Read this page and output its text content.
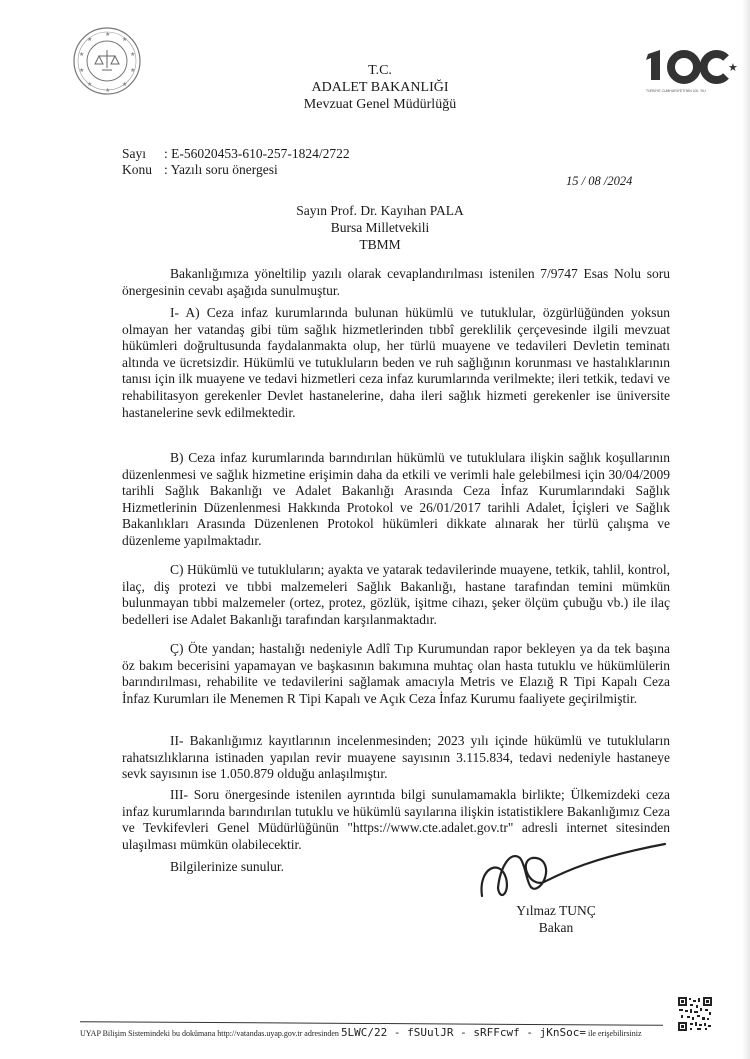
★
★
★
★
★
★
★
★
★
★
★
TÜRKİYE CUMHURİYETİ'NİN 100. YILI
T.C.
ADALET BAKANLIĞI
Mevzuat Genel Müdürlüğü
Sayı : E-56020453-610-257-1824/2722
Konu : Yazılı soru önergesi
15 / 08 /2024
Sayın Prof. Dr. Kayıhan PALA
Bursa Milletvekili
TBMM

Bakanlığımıza yöneltilip yazılı olarak cevaplandırılması istenilen 7/9747 Esas Nolu soru önergesinin cevabı aşağıda sunulmuştur.

I- A) Ceza infaz kurumlarında bulunan hükümlü ve tutuklular, özgürlüğünden yoksun olmayan her vatandaş gibi tüm sağlık hizmetlerinden tıbbî gereklilik çerçevesinde ilgili mevzuat hükümleri doğrultusunda faydalanmakta olup, her türlü muayene ve tedavileri Devletin teminatı altında ve ücretsizdir. Hükümlü ve tutukluların beden ve ruh sağlığının korunması ve hastalıklarının tanısı için ilk muayene ve tedavi hizmetleri ceza infaz kurumlarında verilmekte; ileri tetkik, tedavi ve rehabilitasyon gerekenler Devlet hastanelerine, daha ileri sağlık hizmeti gerekenler ise üniversite hastanelerine sevk edilmektedir.

B) Ceza infaz kurumlarında barındırılan hükümlü ve tutuklulara ilişkin sağlık koşullarının düzenlenmesi ve sağlık hizmetine erişimin daha da etkili ve verimli hale gelebilmesi için 30/04/2009 tarihli Sağlık Bakanlığı ve Adalet Bakanlığı Arasında Ceza İnfaz Kurumlarındaki Sağlık Hizmetlerinin Düzenlenmesi Hakkında Protokol ve 26/01/2017 tarihli Adalet, İçişleri ve Sağlık Bakanlıkları Arasında Düzenlenen Protokol hükümleri dikkate alınarak her türlü çalışma ve düzenleme yapılmaktadır.

C) Hükümlü ve tutukluların; ayakta ve yatarak tedavilerinde muayene, tetkik, tahlil, kontrol, ilaç, diş protezi ve tıbbi malzemeleri Sağlık Bakanlığı, hastane tarafından temini mümkün bulunmayan tıbbi malzemeler (ortez, protez, gözlük, işitme cihazı, şeker ölçüm çubuğu vb.) ile ilaç bedelleri ise Adalet Bakanlığı tarafından karşılanmaktadır.

Ç) Öte yandan; hastalığı nedeniyle Adlî Tıp Kurumundan rapor bekleyen ya da tek başına öz bakım becerisini yapamayan ve başkasının bakımına muhtaç olan hasta tutuklu ve hükümlülerin barındırılması, rehabilite ve tedavilerini sağlamak amacıyla Metris ve Elazığ R Tipi Kapalı Ceza İnfaz Kurumları ile Menemen R Tipi Kapalı ve Açık Ceza İnfaz Kurumu faaliyete geçirilmiştir.

II- Bakanlığımız kayıtlarının incelenmesinden; 2023 yılı içinde hükümlü ve tutukluların rahatsızlıklarına istinaden yapılan revir muayene sayısının 3.115.834, tedavi nedeniyle hastaneye sevk sayısının ise 1.050.879 olduğu anlaşılmıştır.

III- Soru önergesinde istenilen ayrıntıda bilgi sunulamamakla birlikte; Ülkemizdeki ceza infaz kurumlarında barındırılan tutuklu ve hükümlü sayılarına ilişkin istatistiklere Bakanlığımız Ceza ve Tevkifevleri Genel Müdürlüğünün "https://www.cte.adalet.gov.tr" adresli internet sitesinden ulaşılması mümkün olabilecektir.

Bilgilerinize sunulur.

Yılmaz TUNÇ
Bakan
UYAP Bilişim Sistemindeki bu dokümana http://vatandas.uyap.gov.tr adresinden 5LWC/22 - fSUulJR - sRFFcwf - jKnSoc= ile erişebilirsiniz
